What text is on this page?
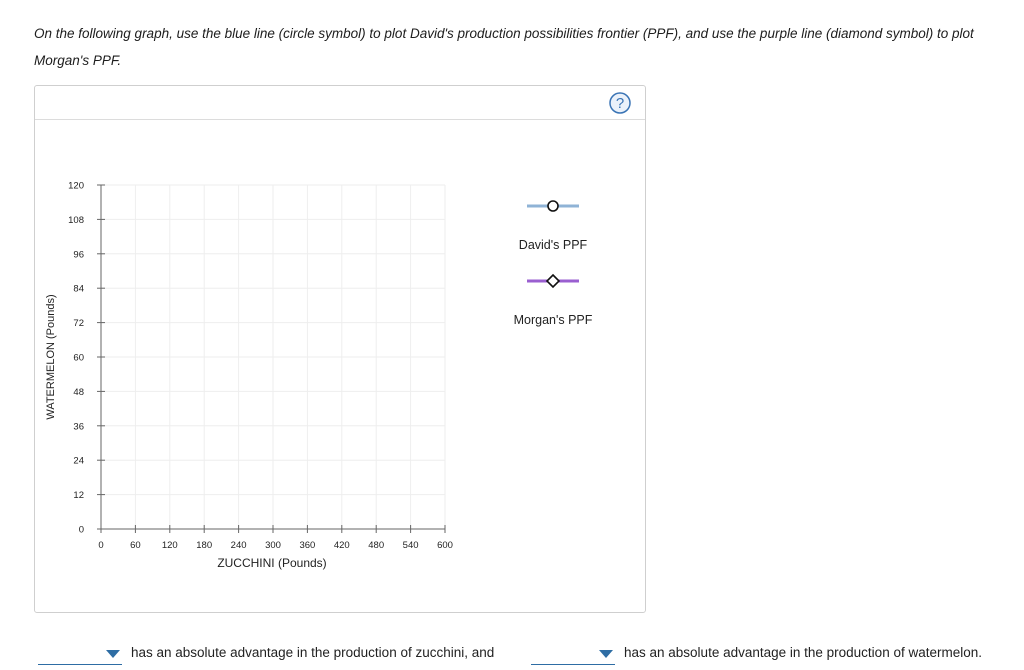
On the following graph, use the blue line (circle symbol) to plot David's production possibilities frontier (PPF), and use the purple line (diamond symbol) to plot Morgan's PPF.
?
0
12
24
36
48
60
72
84
96
108
120
0	60 120 180 240 300 360 420 480 540 600
WATERMELON (Pounds)
ZUCCHINI (Pounds)
David's PPF
Morgan's PPF
has an absolute advantage in the production of zucchini, and	has an absolute advantage in the production of watermelon.
